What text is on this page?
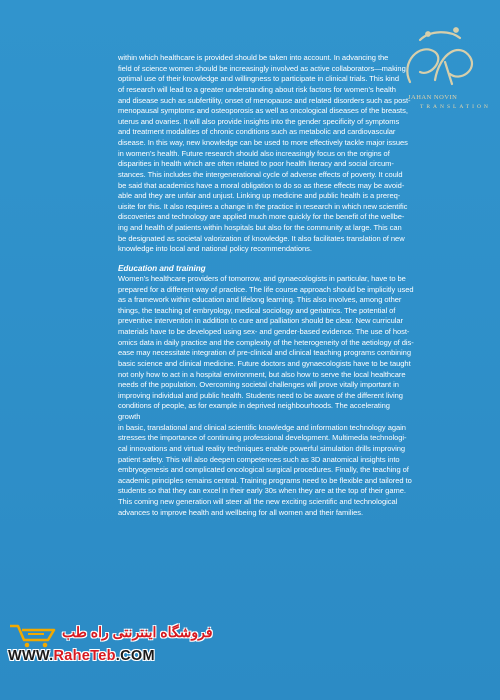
within which healthcare is provided should be taken into account. In advancing the

field of science women should be increasingly involved as active collaborators—making

optimal use of their knowledge and willingness to participate in clinical trials. This kind

of research will lead to a greater understanding about risk factors for women’s health

and disease such as subfertility, onset of menopause and related disorders such as post-

menopausal symptoms and osteoporosis as well as oncological diseases of the breasts,

uterus and ovaries. It will also provide insights into the gender specificity of symptoms

and treatment modalities of chronic conditions such as metabolic and cardiovascular

disease. In this way, new knowledge can be used to more effectively tackle major issues

in women’s health. Future research should also increasingly focus on the origins of

disparities in health which are often related to poor health literacy and social circum-

stances. This includes the intergenerational cycle of adverse effects of poverty. It could

be said that academics have a moral obligation to do so as these effects may be avoid-

able and they are unfair and unjust. Linking up medicine and public health is a prereq-

uisite for this. It also requires a change in the practice in research in which new scientific

discoveries and technology are applied much more quickly for the benefit of the wellbe-

ing and health of patients within hospitals but also for the community at large. This can

be designated as societal valorization of knowledge. It also facilitates translation of new

knowledge into local and national policy recommendations.

Education and training

Women’s healthcare providers of tomorrow, and gynaecologists in particular, have to be

prepared for a different way of practice. The life course approach should be implicitly used

as a framework within education and lifelong learning. This also involves, among other

things, the teaching of embryology, medical sociology and geriatrics. The potential of

preventive intervention in addition to cure and palliation should be clear. New curricular

materials have to be developed using sex- and gender-based evidence. The use of host-

omics data in daily practice and the complexity of the heterogeneity of the aetiology of dis-

ease may necessitate integration of pre-clinical and clinical teaching programs combining

basic science and clinical medicine. Future doctors and gynaecologists have to be taught

not only how to act in a hospital environment, but also how to serve the local healthcare

needs of the population. Overcoming societal challenges will prove vitally important in

improving individual and public health. Students need to be aware of the different living

conditions of people, as for example in deprived neighbourhoods. The accelerating growth

in basic, translational and clinical scientific knowledge and information technology again

stresses the importance of continuing professional development. Multimedia technologi-

cal innovations and virtual reality techniques enable powerful simulation drills improving

patient safety. This will also deepen competences such as 3D anatomical insights into

embryogenesis and complicated oncological surgical procedures. Finally, the teaching of

academic principles remains central. Training programs need to be flexible and tailored to

students so that they can excel in their early 30s when they are at the top of their game.

This coming new generation will steer all the new exciting scientific and technological

advances to improve health and wellbeing for all women and their families.

JAHAN NOVIN
TRANSLATION
فروشگاه اینترنتی راه طب
WWW.RaheTeb.COM
